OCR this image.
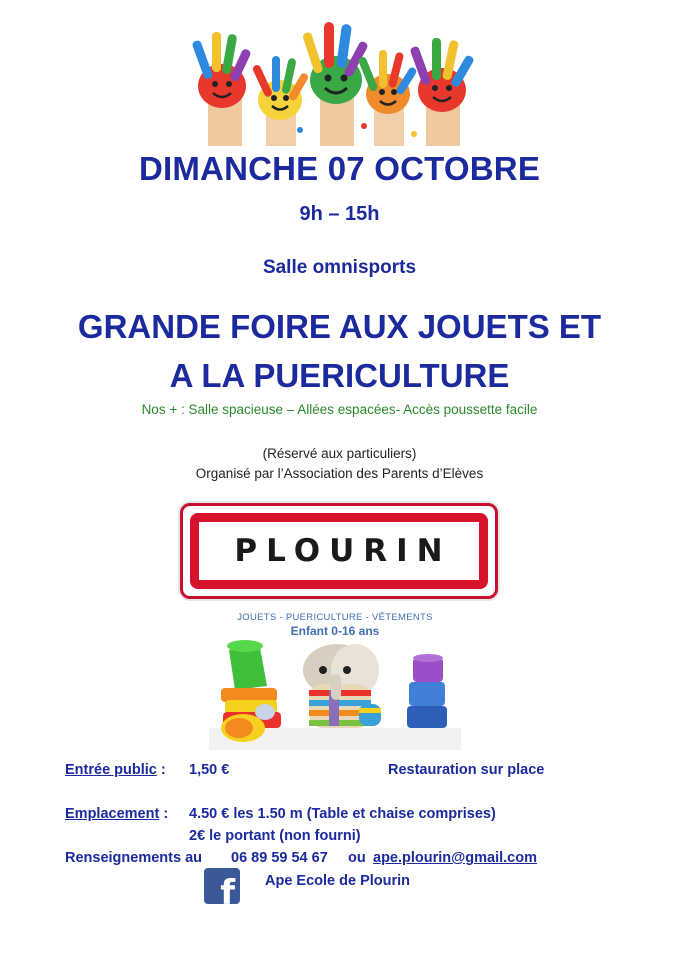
DIMANCHE 07 OCTOBRE
9h – 15h
Salle omnisports
GRANDE FOIRE AUX JOUETS ET
A LA PUERICULTURE
Nos + : Salle spacieuse – Allées espacées- Accès poussette facile
(Réservé aux particuliers)
Organisé par l’Association des Parents d’Elèves
PLOURIN
JOUETS - PUERICULTURE - VÊTEMENTS
Enfant 0-16 ans
Entrée public : 1,50 €	Restauration sur place
Emplacement : 4.50 € les 1.50 m (Table et chaise comprises)
2€ le portant (non fourni)
Renseignements au 06 89 59 54 67 ou ape.plourin@gmail.com
f Ape Ecole de Plourin
